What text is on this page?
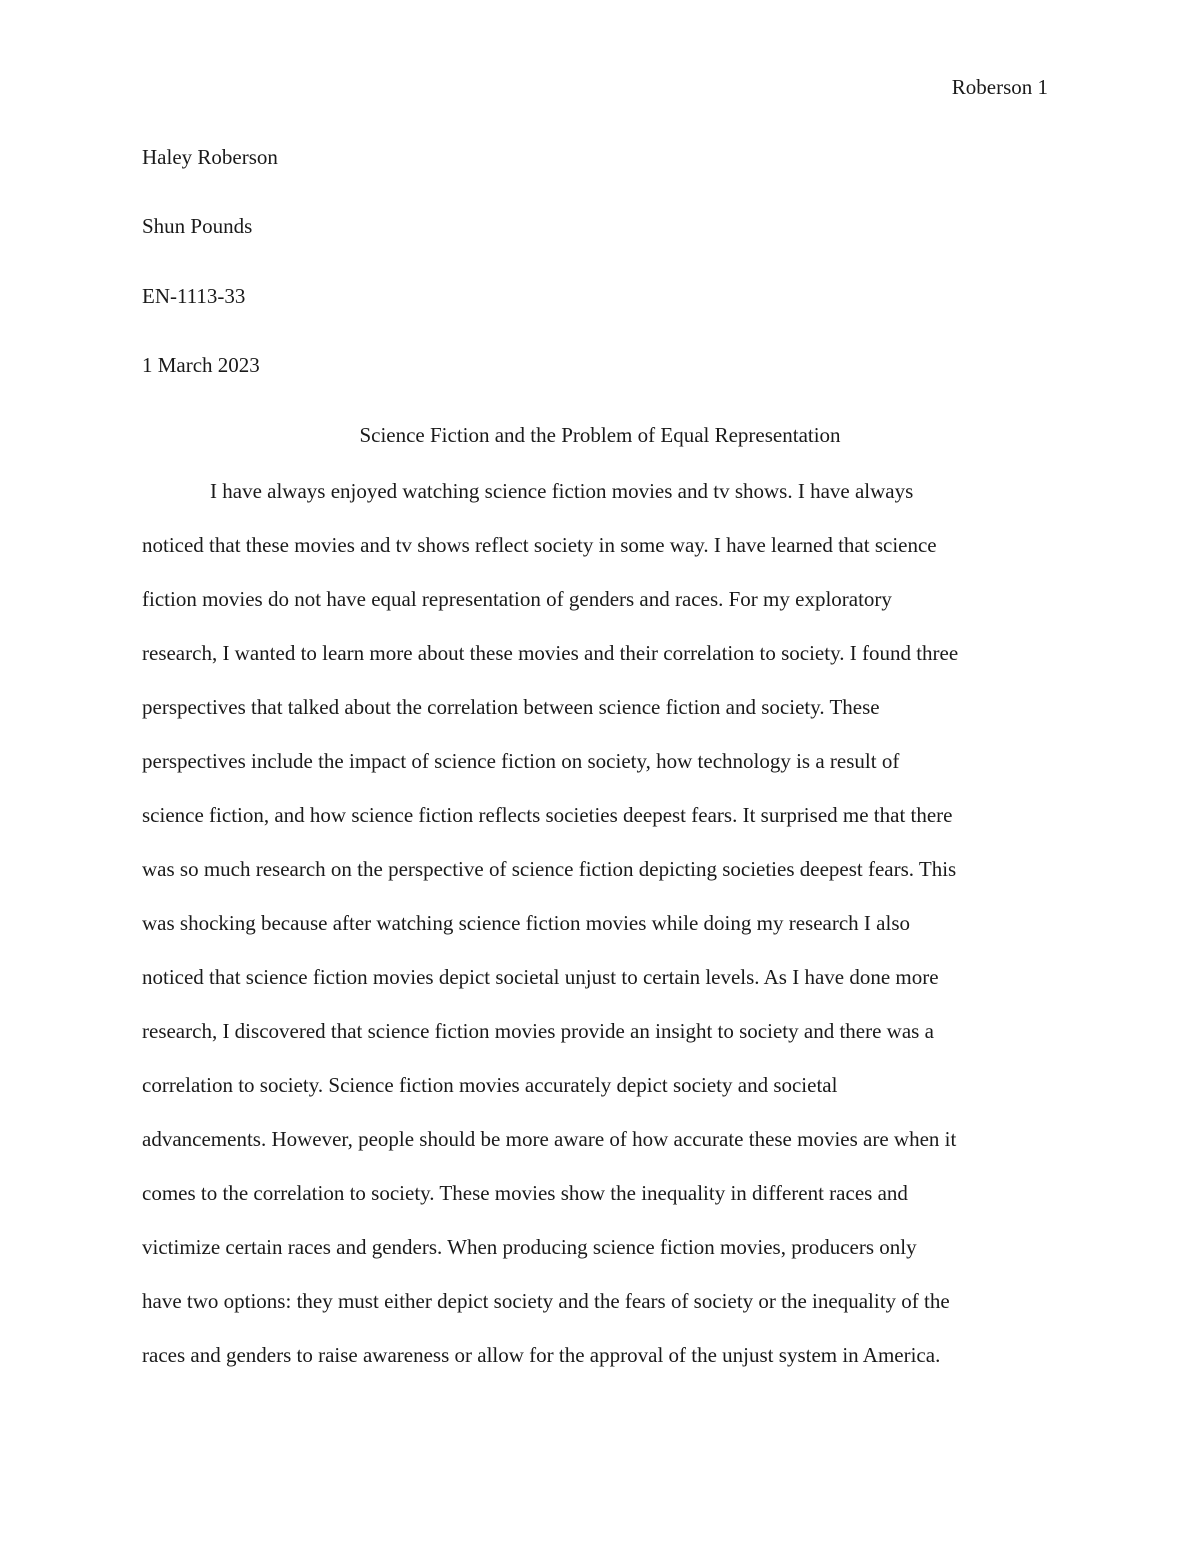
Roberson 1
Haley Roberson
Shun Pounds
EN-1113-33
1 March 2023
Science Fiction and the Problem of Equal Representation
I have always enjoyed watching science fiction movies and tv shows. I have always
noticed that these movies and tv shows reflect society in some way. I have learned that science
fiction movies do not have equal representation of genders and races. For my exploratory
research, I wanted to learn more about these movies and their correlation to society. I found three
perspectives that talked about the correlation between science fiction and society. These
perspectives include the impact of science fiction on society, how technology is a result of
science fiction, and how science fiction reflects societies deepest fears. It surprised me that there
was so much research on the perspective of science fiction depicting societies deepest fears. This
was shocking because after watching science fiction movies while doing my research I also
noticed that science fiction movies depict societal unjust to certain levels. As I have done more
research, I discovered that science fiction movies provide an insight to society and there was a
correlation to society. Science fiction movies accurately depict society and societal
advancements. However, people should be more aware of how accurate these movies are when it
comes to the correlation to society. These movies show the inequality in different races and
victimize certain races and genders. When producing science fiction movies, producers only
have two options: they must either depict society and the fears of society or the inequality of the
races and genders to raise awareness or allow for the approval of the unjust system in America.
